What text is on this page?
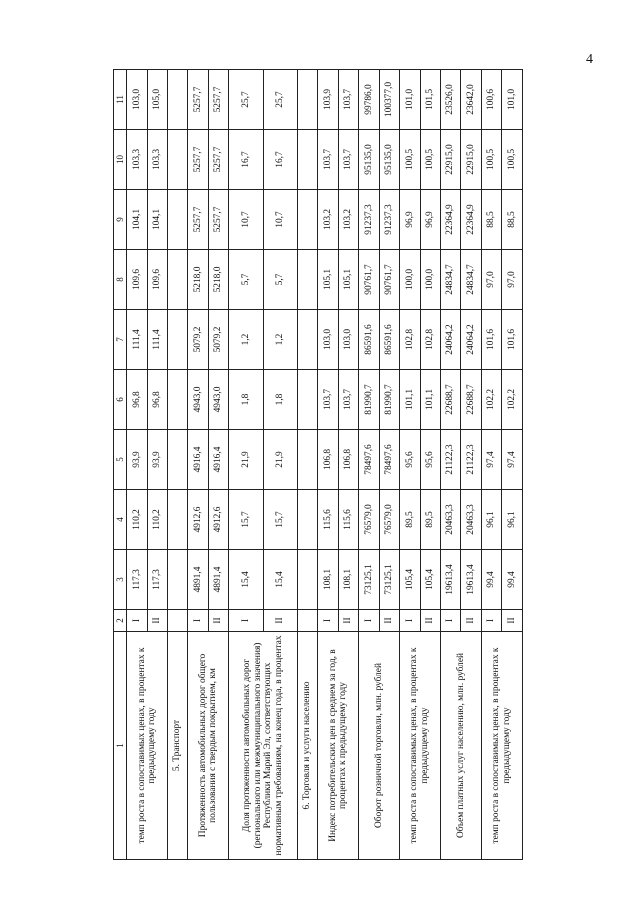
4
1	2	3	4	5	6	7	8	9	10	11
темп роста в сопоставимых ценах, в процентах к предыдущему году	I	117,3	110,2	93,9	96,8	111,4	109,6	104,1	103,3	103,0
	II	117,3	110,2	93,9	96,8	111,4	109,6	104,1	103,3	105,0
5. Транспорт										
Протяженность автомобильных дорог общего пользования с твердым покрытием, км	I	4891,4	4912,6	4916,4	4943,0	5079,2	5218,0	5257,7	5257,7	5257,7
	II	4891,4	4912,6	4916,4	4943,0	5079,2	5218,0	5257,7	5257,7	5257,7
Доля протяженности автомобильных дорог (регионального или межмуниципального значения) Республики Марий Эл, соответствующих нормативным требованиям, на конец года, в процентах	I	15,4	15,7	21,9	1,8	1,2	5,7	10,7	16,7	25,7
	II	15,4	15,7	21,9	1,8	1,2	5,7	10,7	16,7	25,7
6. Торговля и услуги населению										
Индекс потребительских цен в среднем за год, в процентах к предыдущему году	I	108,1	115,6	106,8	103,7	103,0	105,1	103,2	103,7	103,9
	II	108,1	115,6	106,8	103,7	103,0	105,1	103,2	103,7	103,7
Оборот розничной торговли, млн. рублей	I	73125,1	76579,0	78497,6	81990,7	86591,6	90761,7	91237,3	95135,0	99786,0
	II	73125,1	76579,0	78497,6	81990,7	86591,6	90761,7	91237,3	95135,0	100377,0
темп роста в сопоставимых ценах, в процентах к предыдущему году	I	105,4	89,5	95,6	101,1	102,8	100,0	96,9	100,5	101,0
	II	105,4	89,5	95,6	101,1	102,8	100,0	96,9	100,5	101,5
Объем платных услуг населению, млн. рублей	I	19613,4	20463,3	21122,3	22688,7	24064,2	24834,7	22364,9	22915,0	23526,0
	II	19613,4	20463,3	21122,3	22688,7	24064,2	24834,7	22364,9	22915,0	23642,0
темп роста в сопоставимых ценах, в процентах к предыдущему году	I	99,4	96,1	97,4	102,2	101,6	97,0	88,5	100,5	100,6
	II	99,4	96,1	97,4	102,2	101,6	97,0	88,5	100,5	101,0
